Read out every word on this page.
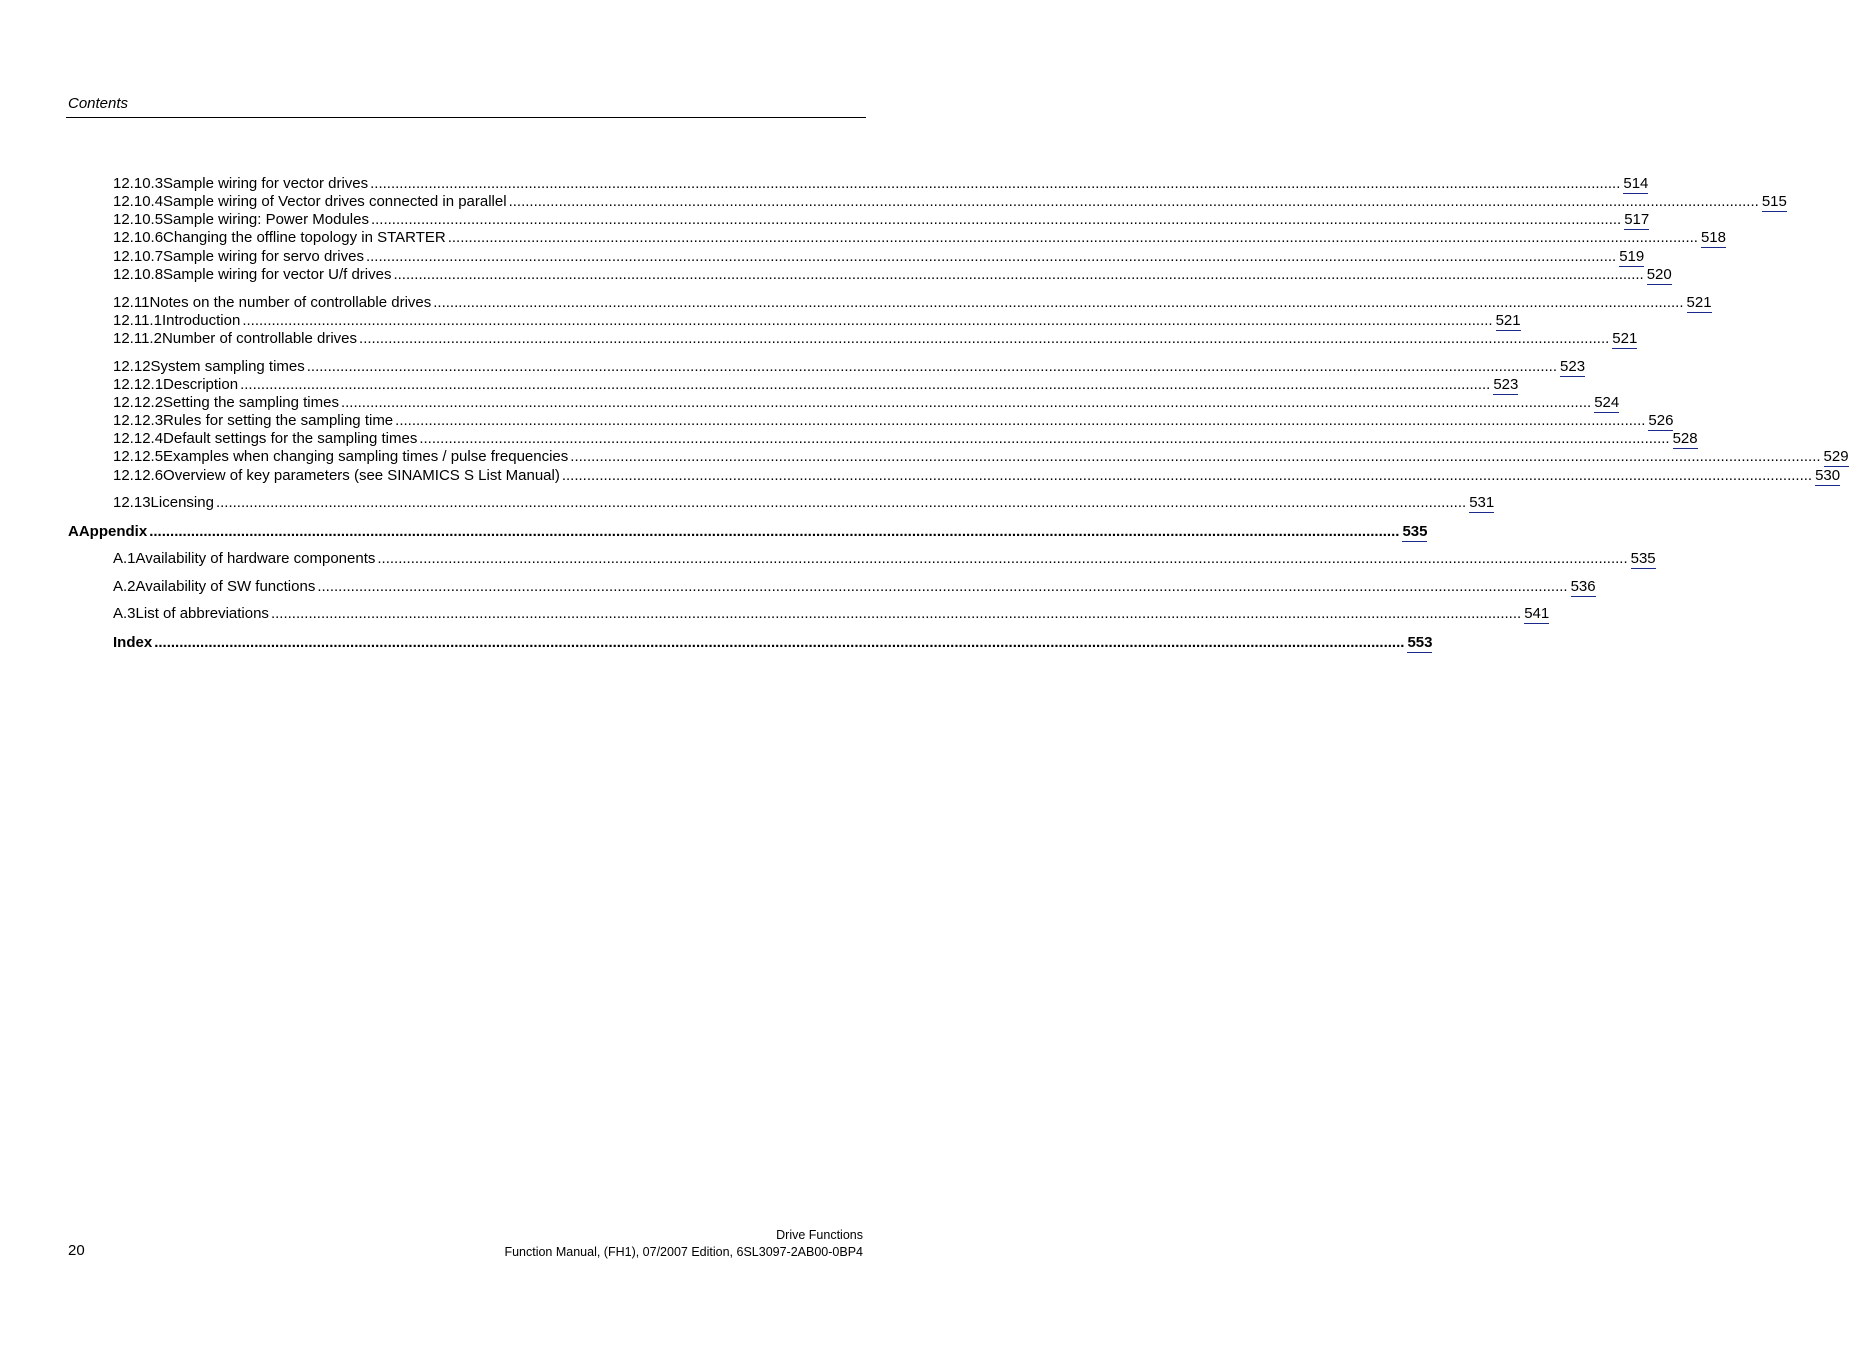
Contents
12.10.3 Sample wiring for vector drives ............................................................................................................................................................................................................................................................................................................ 514
12.10.4 Sample wiring of Vector drives connected in parallel ............................................................................................................................................................................................................................................................................................................ 515
12.10.5 Sample wiring: Power Modules ............................................................................................................................................................................................................................................................................................................ 517
12.10.6 Changing the offline topology in STARTER ............................................................................................................................................................................................................................................................................................................ 518
12.10.7 Sample wiring for servo drives ............................................................................................................................................................................................................................................................................................................ 519
12.10.8 Sample wiring for vector U/f drives ............................................................................................................................................................................................................................................................................................................ 520
12.11 Notes on the number of controllable drives ............................................................................................................................................................................................................................................................................................................ 521
12.11.1 Introduction ............................................................................................................................................................................................................................................................................................................ 521
12.11.2 Number of controllable drives ............................................................................................................................................................................................................................................................................................................ 521
12.12 System sampling times ............................................................................................................................................................................................................................................................................................................ 523
12.12.1 Description ............................................................................................................................................................................................................................................................................................................ 523
12.12.2 Setting the sampling times ............................................................................................................................................................................................................................................................................................................ 524
12.12.3 Rules for setting the sampling time ............................................................................................................................................................................................................................................................................................................ 526
12.12.4 Default settings for the sampling times ............................................................................................................................................................................................................................................................................................................ 528
12.12.5 Examples when changing sampling times / pulse frequencies ............................................................................................................................................................................................................................................................................................................ 529
12.12.6 Overview of key parameters (see SINAMICS S List Manual) ............................................................................................................................................................................................................................................................................................................ 530
12.13 Licensing ............................................................................................................................................................................................................................................................................................................ 531
A Appendix ............................................................................................................................................................................................................................................................................................................ 535
A.1 Availability of hardware components ............................................................................................................................................................................................................................................................................................................ 535
A.2 Availability of SW functions ............................................................................................................................................................................................................................................................................................................ 536
A.3 List of abbreviations ............................................................................................................................................................................................................................................................................................................ 541
Index ............................................................................................................................................................................................................................................................................................................ 553
Drive Functions
Function Manual, (FH1), 07/2007 Edition, 6SL3097-2AB00-0BP4
20
